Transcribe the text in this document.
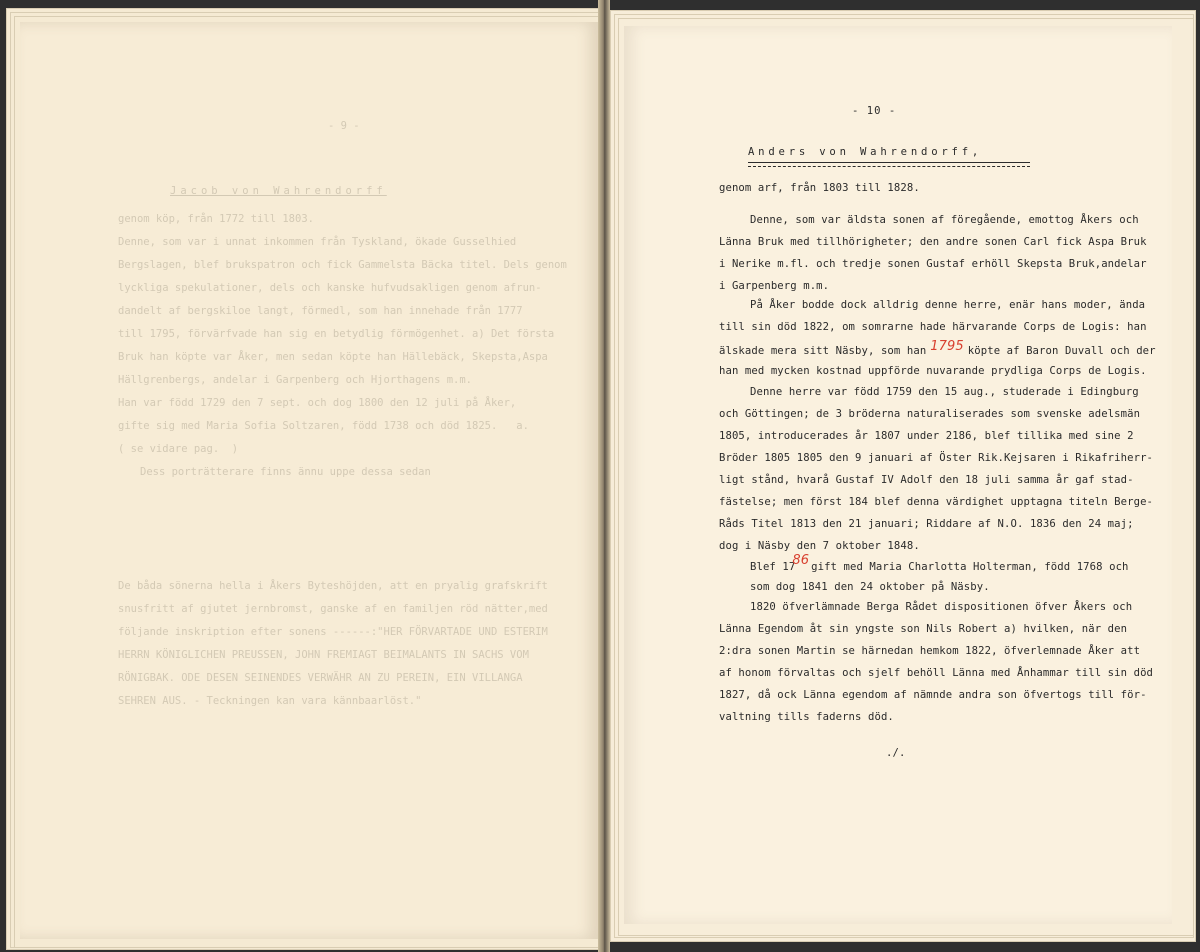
- 9 -
Jacob von Wahrendorff
genom köp, från 1772 till 1803.
Denne, som var i unnat inkommen från Tyskland, ökade Gusselhied
Bergslagen, blef brukspatron och fick Gammelsta Bäcka titel. Dels genom
lyckliga spekulationer, dels och kanske hufvudsakligen genom afrun-
dandelt af bergskiloe langt, förmedl, som han innehade från 1777
till 1795, förvärfvade han sig en betydlig förmögenhet. a) Det första
Bruk han köpte var Åker, men sedan köpte han Hällebäck, Skepsta,Aspa
Hällgrenbergs, andelar i Garpenberg och Hjorthagens m.m.
Han var född 1729 den 7 sept. och dog 1800 den 12 juli på Åker,
gifte sig med Maria Sofia Soltzaren, född 1738 och död 1825.   a.
( se vidare pag.  )
Dess porträtterare finns ännu uppe dessa sedan
De båda sönerna hella i Åkers Byteshöjden, att en pryalig grafskrift
snusfritt af gjutet jernbromst, ganske af en familjen röd nätter,med
följande inskription efter sonens ------:"HER FÖRVARTADE UND ESTERIM
HERRN KÖNIGLICHEN PREUSSEN, JOHN FREMIAGT BEIMALANTS IN SACHS VOM
RÖNIGBAK. ODE DESEN SEINENDES VERWÄHR AN ZU PEREIN, EIN VILLANGA
SEHREN AUS. - Teckningen kan vara kännbaarlöst."
- 10 -
Anders von Wahrendorff,
genom arf, från 1803 till 1828.
Denne, som var äldsta sonen af föregående, emottog Åkers och
Länna Bruk med tillhörigheter; den andre sonen Carl fick Aspa Bruk
i Nerike m.fl. och tredje sonen Gustaf erhöll Skepsta Bruk,andelar
i Garpenberg m.m.
På Åker bodde dock alldrig denne herre, enär hans moder, ända
till sin död 1822, om somrarne hade härvarande Corps de Logis: han
älskade mera sitt Näsby, som han 1795 köpte af Baron Duvall och der
han med mycken kostnad uppförde nuvarande prydliga Corps de Logis.
Denne herre var född 1759 den 15 aug., studerade i Edingburg
och Göttingen; de 3 bröderna naturaliserades som svenske adelsmän
1805, introducerades år 1807 under 2186, blef tillika med sine 2
Bröder 1805 1805 den 9 januari af Öster Rik.Kejsaren i Rikafriherr-
ligt stånd, hvarå Gustaf IV Adolf den 18 juli samma år gaf stad-
fästelse; men först 184 blef denna värdighet upptagna titeln Berge-
Råds Titel 1813 den 21 januari; Riddare af N.O. 1836 den 24 maj;
dog i Näsby den 7 oktober 1848.
Blef 1786 gift med Maria Charlotta Holterman, född 1768 och
som dog 1841 den 24 oktober på Näsby.
1820 öfverlämnade Berga Rådet dispositionen öfver Åkers och
Länna Egendom åt sin yngste son Nils Robert a) hvilken, när den
2:dra sonen Martin se härnedan hemkom 1822, öfverlemnade Åker att
af honom förvaltas och sjelf behöll Länna med Ånhammar till sin död
1827, då ock Länna egendom af nämnde andra son öfvertogs till för-
valtning tills faderns död.
./.
